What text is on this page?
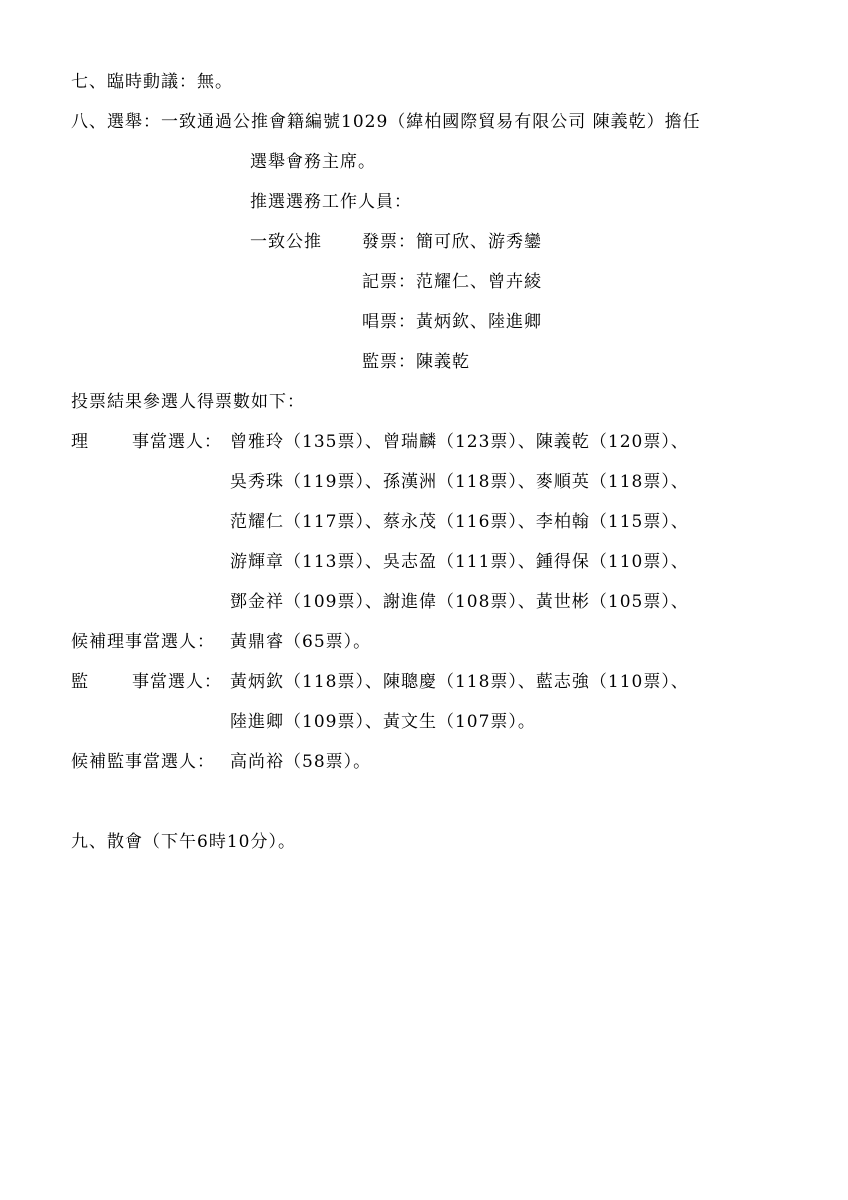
七、臨時動議：無。
八、選舉：一致通過公推會籍編號1029（緯柏國際貿易有限公司 陳義乾）擔任
選舉會務主席。
推選選務工作人員：
一致公推 發票：簡可欣、游秀鑾
記票：范耀仁、曾卉綾
唱票：黃炳欽、陸進卿
監票：陳義乾
投票結果參選人得票數如下：
理	事當選人： 曾雅玲（135票）、曾瑞麟（123票）、陳義乾（120票）、
吳秀珠（119票）、孫漢洲（118票）、麥順英（118票）、
范耀仁（117票）、蔡永茂（116票）、李柏翰（115票）、
游輝章（113票）、吳志盈（111票）、鍾得保（110票）、
鄧金祥（109票）、謝進偉（108票）、黃世彬（105票）、
候補理事當選人： 黃鼎睿（65票）。
監	事當選人： 黃炳欽（118票）、陳聰慶（118票）、藍志強（110票）、
陸進卿（109票）、黃文生（107票）。
候補監事當選人： 高尚裕（58票）。
九、散會（下午6時10分）。
